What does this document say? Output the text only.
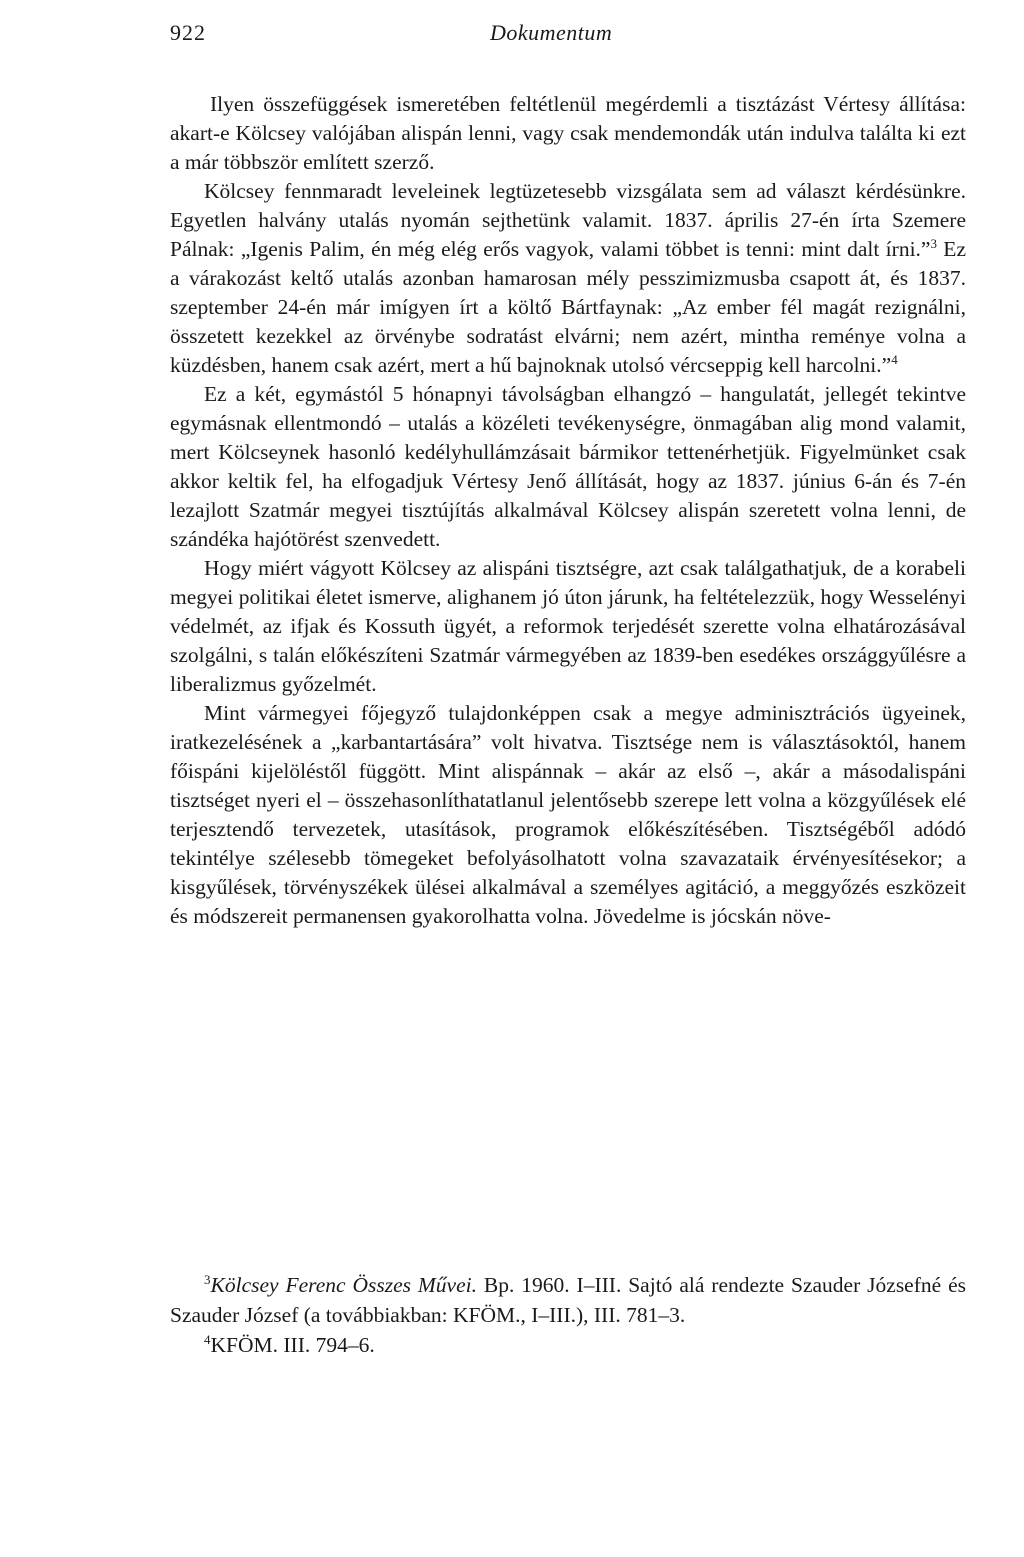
922	Dokumentum

Ilyen összefüggések ismeretében feltétlenül megérdemli a tisztázást Vértesy állítása: akart-e Kölcsey valójában alispán lenni, vagy csak mendemondák után indulva találta ki ezt a már többször említett szerző.

Kölcsey fennmaradt leveleinek legtüzetesebb vizsgálata sem ad választ kérdésünkre. Egyetlen halvány utalás nyomán sejthetünk valamit. 1837. április 27-én írta Szemere Pálnak: „Igenis Palim, én még elég erős vagyok, valami többet is tenni: mint dalt írni.”$^3$ Ez a várakozást keltő utalás azonban hamarosan mély pesszimizmusba csapott át, és 1837. szeptember 24-én már imígyen írt a költő Bártfaynak: „Az ember fél magát rezignálni, összetett kezekkel az örvénybe sodratást elvárni; nem azért, mintha reménye volna a küzdésben, hanem csak azért, mert a hű bajnoknak utolsó vércseppig kell harcolni.”$^4$

Ez a két, egymástól 5 hónapnyi távolságban elhangzó – hangulatát, jellegét tekintve egymásnak ellentmondó – utalás a közéleti tevékenységre, önmagában alig mond valamit, mert Kölcseynek hasonló kedélyhullámzásait bármikor tettenérhetjük. Figyelmünket csak akkor keltik fel, ha elfogadjuk Vértesy Jenő állítását, hogy az 1837. június 6-án és 7-én lezajlott Szatmár megyei tisztújítás alkalmával Kölcsey alispán szeretett volna lenni, de szándéka hajótörést szenvedett.

Hogy miért vágyott Kölcsey az alispáni tisztségre, azt csak találgathatjuk, de a korabeli megyei politikai életet ismerve, alighanem jó úton járunk, ha feltételezzük, hogy Wesselényi védelmét, az ifjak és Kossuth ügyét, a reformok terjedését szerette volna elhatározásával szolgálni, s talán előkészíteni Szatmár vármegyében az 1839-ben esedékes országgyűlésre a liberalizmus győzelmét.

Mint vármegyei főjegyző tulajdonképpen csak a megye adminisztrációs ügyeinek, iratkezelésének a „karbantartására” volt hivatva. Tisztsége nem is választásoktól, hanem főispáni kijelöléstől függött. Mint alispánnak – akár az első –, akár a másodalispáni tisztséget nyeri el – összehasonlíthatatlanul jelentősebb szerepe lett volna a közgyűlések elé terjesztendő tervezetek, utasítások, programok előkészítésében. Tisztségéből adódó tekintélye szélesebb tömegeket befolyásolhatott volna szavazataik érvényesítésekor; a kisgyűlések, törvényszékek ülései alkalmával a személyes agitáció, a meggyőzés eszközeit és módszereit permanensen gyakorolhatta volna. Jövedelme is jócskán növe-

$^3$Kölcsey Ferenc Összes Művei. Bp. 1960. I–III. Sajtó alá rendezte Szauder Józsefné és Szauder József (a továbbiakban: KFÖM., I–III.), III. 781–3.

$^4$KFÖM. III. 794–6.
